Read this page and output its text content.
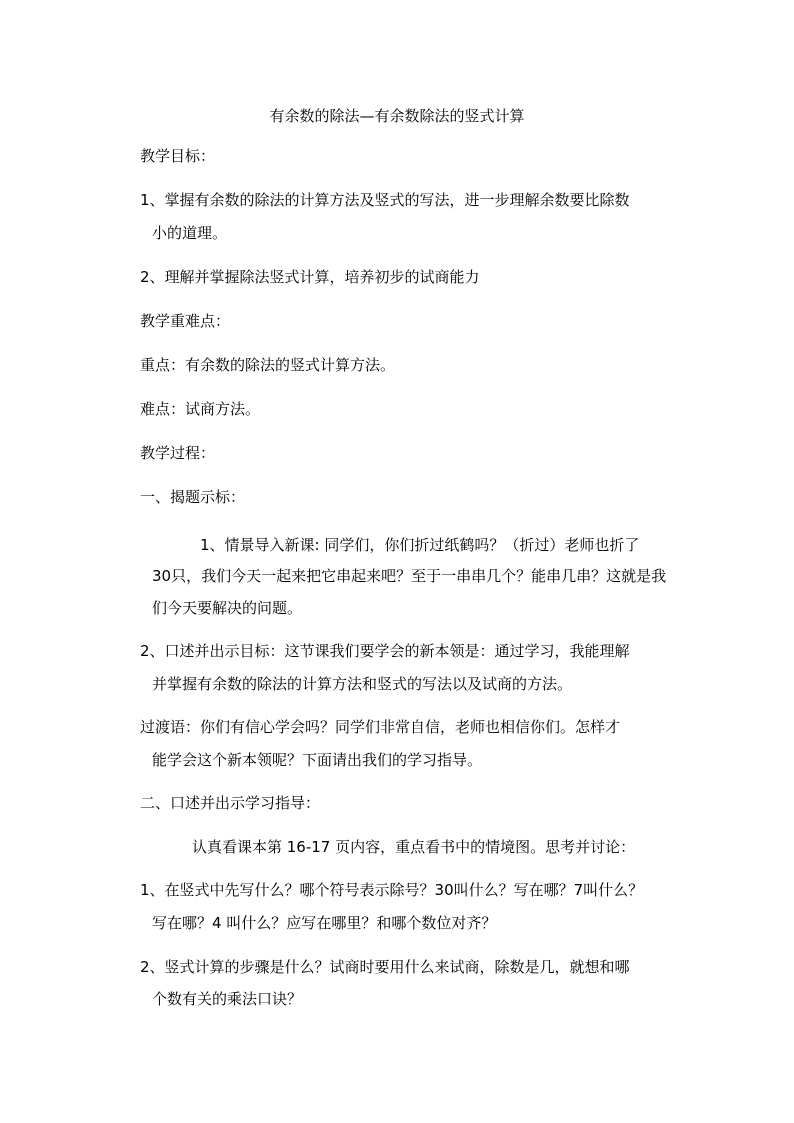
有余数的除法—有余数除法的竖式计算
教学目标：
1、掌握有余数的除法的计算方法及竖式的写法，进一步理解余数要比除数
小的道理。
2、理解并掌握除法竖式计算，培养初步的试商能力
教学重难点：
重点：有余数的除法的竖式计算方法。
难点：试商方法。
教学过程：
一、揭题示标：
1、情景导入新课: 同学们，你们折过纸鹤吗？（折过）老师也折了
30只，我们今天一起来把它串起来吧？至于一串串几个？能串几串？这就是我
们今天要解决的问题。
2、口述并出示目标：这节课我们要学会的新本领是：通过学习，我能理解
并掌握有余数的除法的计算方法和竖式的写法以及试商的方法。
过渡语：你们有信心学会吗？同学们非常自信，老师也相信你们。怎样才
能学会这个新本领呢？下面请出我们的学习指导。
二、口述并出示学习指导：
认真看课本第 16-17 页内容，重点看书中的情境图。思考并讨论：
1、在竖式中先写什么？哪个符号表示除号？30叫什么？写在哪？7叫什么？
写在哪？4 叫什么？应写在哪里？和哪个数位对齐？
2、竖式计算的步骤是什么？试商时要用什么来试商，除数是几，就想和哪
个数有关的乘法口诀？
